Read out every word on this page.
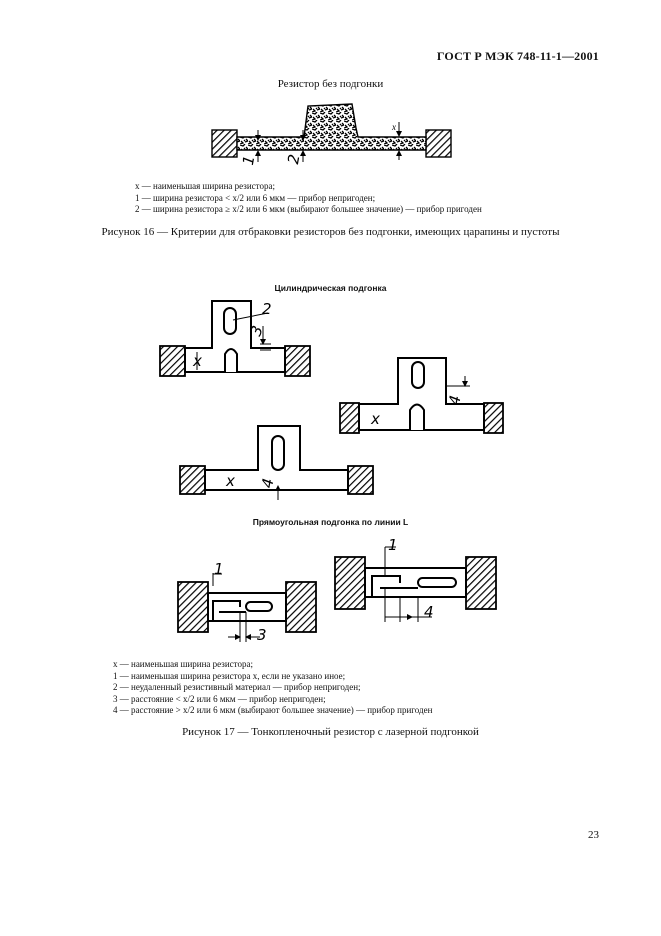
ГОСТ Р МЭК 748-11-1—2001
Резистор без подгонки
1 2
x
x
2
3
x
4
x 4
1
3
1
4
x — наименьшая ширина резистора;
1 — ширина резистора < x/2 или 6 мкм — прибор непригоден;
2 — ширина резистора ≥ x/2 или 6 мкм (выбирают большее значение) — прибор пригоден
Рисунок 16 — Критерии для отбраковки резисторов без подгонки, имеющих царапины и пустоты
Цилиндрическая подгонка
Прямоугольная подгонка по линии L
x — наименьшая ширина резистора;
1 — наименьшая ширина резистора x, если не указано иное;
2 — неудаленный резистивный материал — прибор непригоден;
3 — расстояние < x/2 или 6 мкм — прибор непригоден;
4 — расстояние > x/2 или 6 мкм (выбирают большее значение) — прибор пригоден
Рисунок 17 — Тонкопленочный резистор с лазерной подгонкой
23
